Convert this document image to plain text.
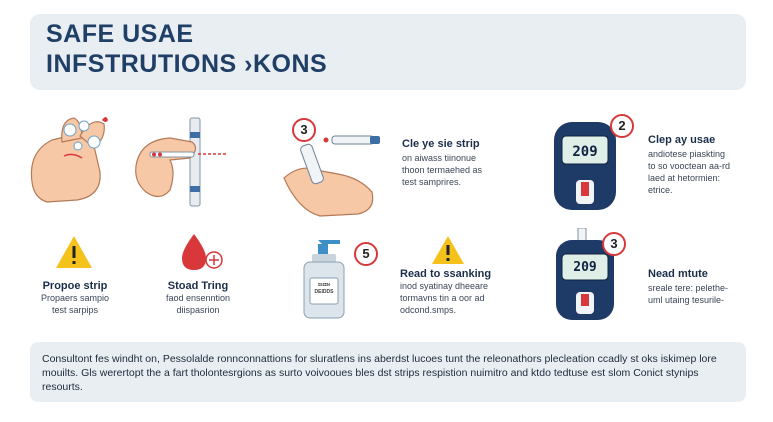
SAFE USAE
INFSTRUTIONS ›KONS
3
Cle ye sie strip
on aiwass tiinonue
thoon termaehed as
test samprires.
209
2
Clep ay usae
andiotese piaskting
to so vooctean aa-rd
laed at hetormien:
etrice.
Propoe strip
Propaers sampio
test sarpips
Stoad Tring
faod ensenntion
diispasrion
ɪsɪɪɴ
DEIDDS
5
Read to ssanking
inod syatinay dheeare
tormavns tin a oor ad
odcond.smps.
209
3
Nead mtute
sreale tere: pelethe-
uml utaing tesurile-
Consultont fes windht on, Pessolalde ronnconnattions for sluratlens ins aberdst lucoes tunt the releonathors plecleation ccadly st oks iskimep lore mouilts. Gls werertopt the a fart tholontesrgions as surto voivooues bles dst strips respistion nuimitro and ktdo tedtuse est slom Conict stynips resourts.
